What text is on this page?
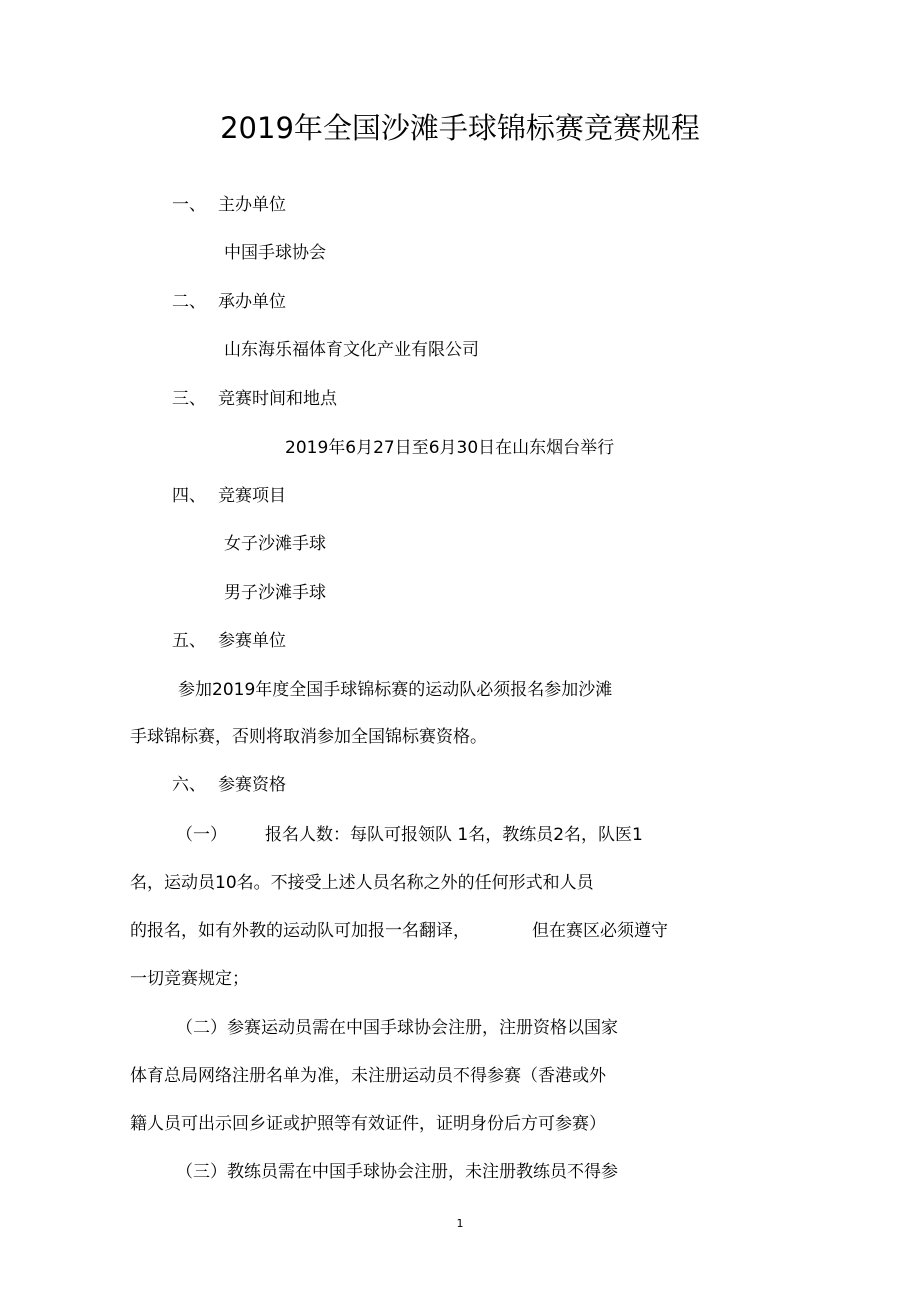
2019年全国沙滩手球锦标赛竞赛规程
一、 主办单位
中国手球协会
二、 承办单位
山东海乐福体育文化产业有限公司
三、 竞赛时间和地点
2019年6月27日至6月30日在山东烟台举行
四、 竞赛项目
女子沙滩手球
男子沙滩手球
五、 参赛单位
参加2019年度全国手球锦标赛的运动队必须报名参加沙滩
手球锦标赛，否则将取消参加全国锦标赛资格。
六、 参赛资格
（一） 报名人数：每队可报领队 1名，教练员2名，队医1
名，运动员10名。不接受上述人员名称之外的任何形式和人员
的报名，如有外教的运动队可加报一名翻译，	但在赛区必须遵守
一切竞赛规定；
（二）参赛运动员需在中国手球协会注册，注册资格以国家
体育总局网络注册名单为准，未注册运动员不得参赛（香港或外
籍人员可出示回乡证或护照等有效证件，证明身份后方可参赛）
（三）教练员需在中国手球协会注册，未注册教练员不得参
1
